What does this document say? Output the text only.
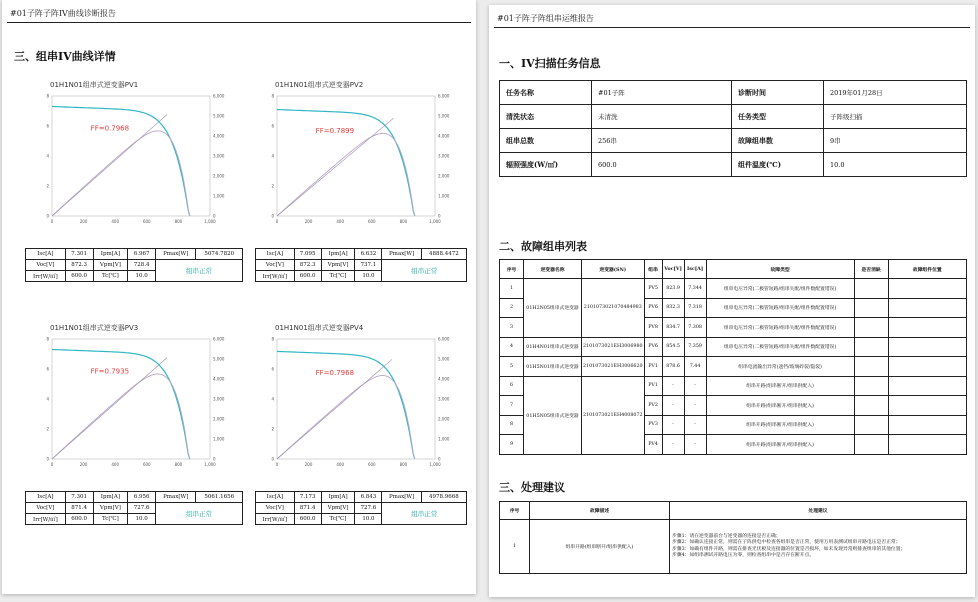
#01子阵子阵IV曲线诊断报告
三、组串IV曲线详情
01H1N01组串式逆变器PV1
0	200	400	600	800	1,000
0
2
4
6
8
0
1,000
2,000
3,000
4,000
5,000
6,000
FF=0.7968
Isc[A]	7.301	Ipm[A]	6.967	Pmax[W]	5074.7820
Voc[V]	872.3	Vpm[V]	728.4	组串正常	
Irr[W/㎡]	600.0	Tc[℃]	10.0		
01H1N01组串式逆变器PV2
0	200	400	600	800	1,000
0
2
4
6
8
0
1,000
2,000
3,000
4,000
5,000
6,000
FF=0.7899
Isc[A]	7.095	Ipm[A]	6.632	Pmax[W]	4888.4472
Voc[V]	872.3	Vpm[V]	737.1	组串正常	
Irr[W/㎡]	600.0	Tc[℃]	10.0		
01H1N01组串式逆变器PV3
0	200	400	600	800	1,000
0
2
4
6
8
0
1,000
2,000
3,000
4,000
5,000
6,000
FF=0.7935
Isc[A]	7.301	Ipm[A]	6.956	Pmax[W]	5061.1656
Voc[V]	871.4	Vpm[V]	727.6	组串正常	
Irr[W/㎡]	600.0	Tc[℃]	10.0		
01H1N01组串式逆变器PV4
0	200	400	600	800	1,000
0
2
4
6
8
0
1,000
2,000
3,000
4,000
5,000
6,000
FF=0.7968
Isc[A]	7.173	Ipm[A]	6.843	Pmax[W]	4978.9668
Voc[V]	871.4	Vpm[V]	727.6	组串正常	
Irr[W/㎡]	600.0	Tc[℃]	10.0		
#01子阵子阵组串运维报告
一、IV扫描任务信息
任务名称	#01子阵	诊断时间	2019年01月28日
清洗状态	未清洗	任务类型	子阵级扫描
组串总数	256串	故障组串数	9串
辐照强度(W/㎡)	600.0	组件温度(℃)	10.0
二、故障组串列表
序号	逆变器名称	逆变器(SN)	组串	Voc[V]	Isc[A]	故障类型	是否消缺	故障组件位置
1	01H2N05组串式逆变器	2101073021070484983	PV5	823.9	7.344	组串电压异常(二极管短路/组串失配/组件数配置错误)		
2			PV6	832.3	7.318	组串电压异常(二极管短路/组串失配/组件数配置错误)		
3			PV8	834.7	7.308	组串电压异常(二极管短路/组串失配/组件数配置错误)		
4	01H4N01组串式逆变器	2101073021EH3006980	PV6	854.5	7.359	组串电压异常(二极管短路/组串失配/组件数配置错误)		
5	01H5N01组串式逆变器	2101073021EH3006620	PV1	878.6	7.44	组串电流输出异常(遮挡/玻璃碎裂/隐裂)		
6	01H5N05组串式逆变器	2101073021EH4008072	PV1	-	-	组串开路(组串断开/组串供配入)		
7			PV2	-	-	组串开路(组串断开/组串供配入)		
8			PV3	-	-	组串开路(组串断开/组串供配入)		
9			PV4	-	-	组串开路(组串断开/组串供配入)		
三、处理建议
序号	故障描述	处理建议
1	组串开路(组串断开/组串供配入)	步骤1：请在逆变器前台与逆变器的连接是否正确；
步骤2：如确认连接正常，则需在子阵供电中检查各组串是否正常，使用万用表测试组串开路电压是否正常；
步骤3：如确有组件开路，则需在排查光伏板及连接器的位置是否损坏，如未发现异常则排查组串的其他位置；
步骤4：如组串测试开路电压为零，则检查组串中是否存在断开点。
